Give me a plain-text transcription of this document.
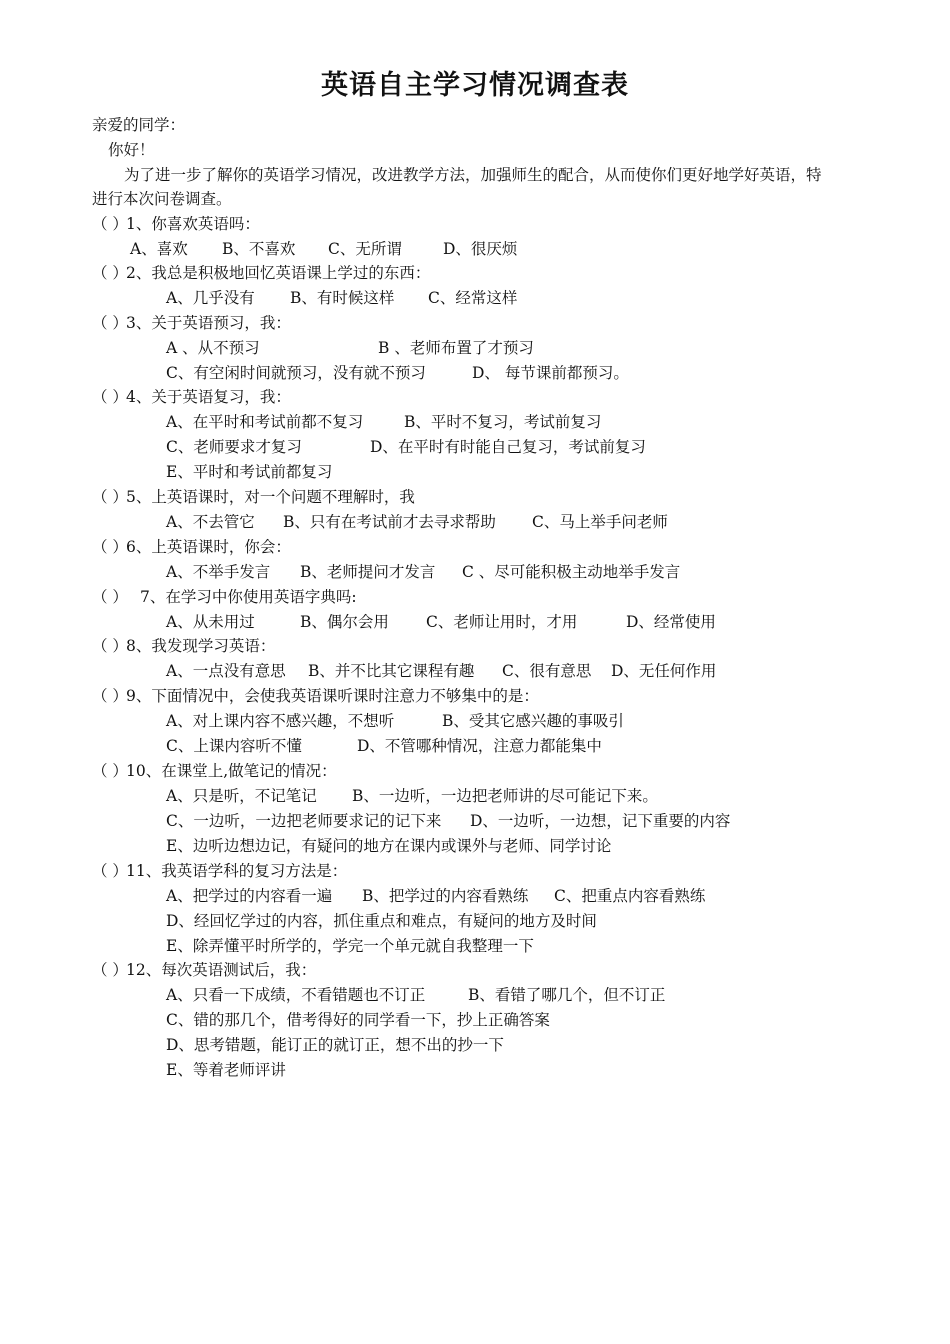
英语自主学习情况调查表
亲爱的同学：
你好！
为了进一步了解你的英语学习情况，改进教学方法，加强师生的配合，从而使你们更好地学好英语，特
进行本次问卷调查。
（ ）1、你喜欢英语吗：
A、喜欢 B、不喜欢 C、无所谓	D、很厌烦
（ ）2、我总是积极地回忆英语课上学过的东西：
A、几乎没有 B、有时候这样 C、经常这样
（ ）3、关于英语预习，我：
A 、从不预习	B 、老师布置了才预习
C、有空闲时间就预习，没有就不预习	D、 每节课前都预习。
（ ）4、关于英语复习，我：
A、在平时和考试前都不复习	B、平时不复习，考试前复习
C、老师要求才复习	D、在平时有时能自己复习，考试前复习
E、平时和考试前都复习
（ ）5、上英语课时，对一个问题不理解时，我
A、不去管它 B、只有在考试前才去寻求帮助 C、马上举手问老师
（ ）6、上英语课时，你会：
A、不举手发言 B、老师提问才发言 C 、尽可能积极主动地举手发言
（ ） 7、在学习中你使用英语字典吗:
A、从未用过	B、偶尔会用 C、老师让用时，才用	D、经常使用
（ ）8、我发现学习英语：
A、一点没有意思 B、并不比其它课程有趣 C、很有意思 D、无任何作用
（ ）9、下面情况中，会使我英语课听课时注意力不够集中的是：
A、对上课内容不感兴趣，不想听	B、受其它感兴趣的事吸引
C、上课内容听不懂	D、不管哪种情况，注意力都能集中
（ ）10、在课堂上,做笔记的情况：
A、只是听，不记笔记 B、一边听，一边把老师讲的尽可能记下来。
C、一边听，一边把老师要求记的记下来 D、一边听，一边想，记下重要的内容
E、边听边想边记，有疑问的地方在课内或课外与老师、同学讨论
（ ）11、我英语学科的复习方法是：
A、把学过的内容看一遍 B、把学过的内容看熟练 C、把重点内容看熟练
D、经回忆学过的内容，抓住重点和难点，有疑问的地方及时间
E、除弄懂平时所学的，学完一个单元就自我整理一下
（ ）12、每次英语测试后，我：
A、只看一下成绩，不看错题也不订正	B、看错了哪几个，但不订正
C、错的那几个，借考得好的同学看一下，抄上正确答案
D、思考错题，能订正的就订正，想不出的抄一下
E、等着老师评讲
